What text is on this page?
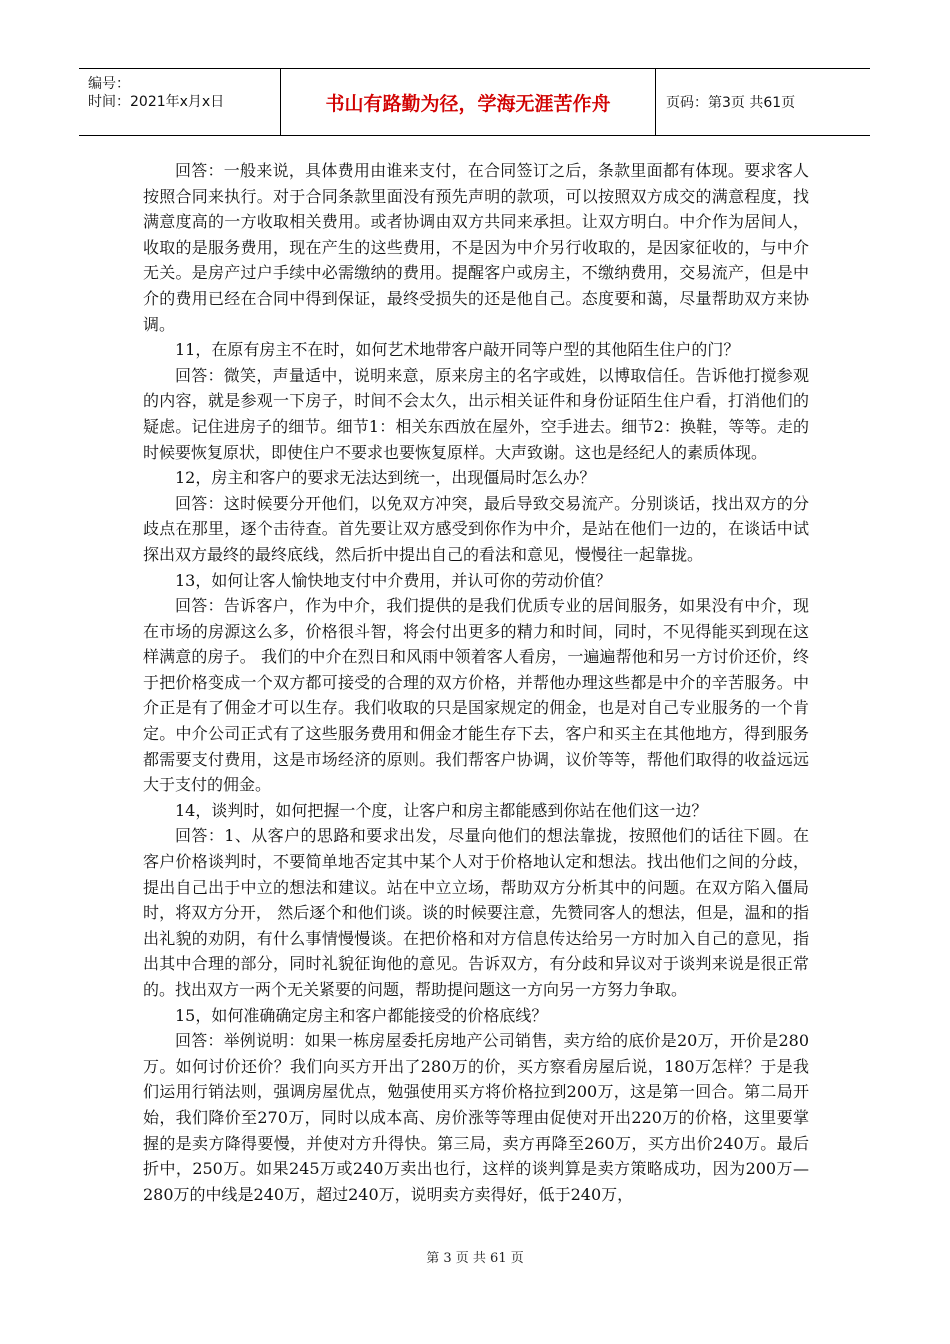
编号：
时间：2021年x月x日	书山有路勤为径，学海无涯苦作舟	页码：第3页 共61页

回答：一般来说，具体费用由谁来支付，在合同签订之后，条款里面都有体现。要求客人按照合同来执行。对于合同条款里面没有预先声明的款项，可以按照双方成交的满意程度，找满意度高的一方收取相关费用。或者协调由双方共同来承担。让双方明白。中介作为居间人，收取的是服务费用，现在产生的这些费用，不是因为中介另行收取的，是因家征收的，与中介无关。是房产过户手续中必需缴纳的费用。提醒客户或房主，不缴纳费用，交易流产，但是中介的费用已经在合同中得到保证，最终受损失的还是他自己。态度要和蔼，尽量帮助双方来协调。

11，在原有房主不在时，如何艺术地带客户敲开同等户型的其他陌生住户的门？

回答：微笑，声量适中，说明来意，原来房主的名字或姓，以博取信任。告诉他打搅参观的内容，就是参观一下房子，时间不会太久，出示相关证件和身份证陌生住户看，打消他们的疑虑。记住进房子的细节。细节1：相关东西放在屋外，空手进去。细节2：换鞋，等等。走的时候要恢复原状，即使住户不要求也要恢复原样。大声致谢。这也是经纪人的素质体现。

12，房主和客户的要求无法达到统一，出现僵局时怎么办？

回答：这时候要分开他们，以免双方冲突，最后导致交易流产。分别谈话，找出双方的分歧点在那里，逐个击待查。首先要让双方感受到你作为中介，是站在他们一边的，在谈话中试探出双方最终的最终底线，然后折中提出自己的看法和意见，慢慢往一起靠拢。

13，如何让客人愉快地支付中介费用，并认可你的劳动价值？

回答：告诉客户，作为中介，我们提供的是我们优质专业的居间服务，如果没有中介，现在市场的房源这么多，价格很斗智，将会付出更多的精力和时间，同时，不见得能买到现在这样满意的房子。 我们的中介在烈日和风雨中领着客人看房，一遍遍帮他和另一方讨价还价，终于把价格变成一个双方都可接受的合理的双方价格，并帮他办理这些都是中介的辛苦服务。中介正是有了佣金才可以生存。我们收取的只是国家规定的佣金，也是对自己专业服务的一个肯定。中介公司正式有了这些服务费用和佣金才能生存下去，客户和买主在其他地方，得到服务都需要支付费用，这是市场经济的原则。我们帮客户协调，议价等等，帮他们取得的收益远远大于支付的佣金。

14，谈判时，如何把握一个度，让客户和房主都能感到你站在他们这一边？

回答：1、从客户的思路和要求出发，尽量向他们的想法靠拢，按照他们的话往下圆。在客户价格谈判时，不要简单地否定其中某个人对于价格地认定和想法。找出他们之间的分歧，提出自己出于中立的想法和建议。站在中立立场，帮助双方分析其中的问题。在双方陷入僵局时，将双方分开， 然后逐个和他们谈。谈的时候要注意，先赞同客人的想法，但是，温和的指出礼貌的劝阴，有什么事情慢慢谈。在把价格和对方信息传达给另一方时加入自己的意见，指出其中合理的部分，同时礼貌征询他的意见。告诉双方，有分歧和异议对于谈判来说是很正常的。找出双方一两个无关紧要的问题，帮助提问题这一方向另一方努力争取。

15，如何准确确定房主和客户都能接受的价格底线？

回答：举例说明：如果一栋房屋委托房地产公司销售，卖方给的底价是20万，开价是280万。如何讨价还价？我们向买方开出了280万的价，买方察看房屋后说，180万怎样？于是我们运用行销法则，强调房屋优点，勉强使用买方将价格拉到200万，这是第一回合。第二局开始，我们降价至270万，同时以成本高、房价涨等等理由促使对开出220万的价格，这里要掌握的是卖方降得要慢，并使对方升得快。第三局，卖方再降至260万，买方出价240万。最后折中，250万。如果245万或240万卖出也行，这样的谈判算是卖方策略成功，因为200万—280万的中线是240万，超过240万，说明卖方卖得好，低于240万，

第 3 页 共 61 页
